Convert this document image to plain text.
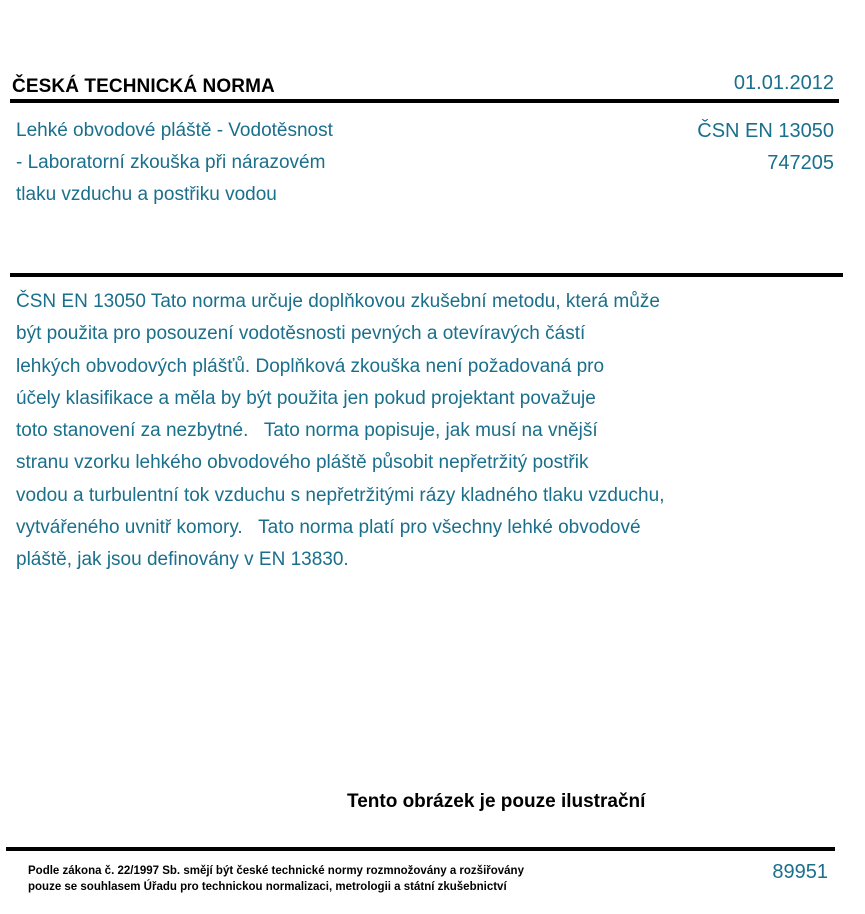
ČESKÁ TECHNICKÁ NORMA	01.01.2012
Lehké obvodové pláště - Vodotěsnost
- Laboratorní zkouška při nárazovém
tlaku vzduchu a postřiku vodou
ČSN EN 13050
747205
ČSN EN 13050 Tato norma určuje doplňkovou zkušební metodu, která může
být použita pro posouzení vodotěsnosti pevných a otevíravých částí
lehkých obvodových plášťů. Doplňková zkouška není požadovaná pro
účely klasifikace a měla by být použita jen pokud projektant považuje
toto stanovení za nezbytné.   Tato norma popisuje, jak musí na vnější
stranu vzorku lehkého obvodového pláště působit nepřetržitý postřik
vodou a turbulentní tok vzduchu s nepřetržitými rázy kladného tlaku vzduchu,
vytvářeného uvnitř komory.   Tato norma platí pro všechny lehké obvodové
pláště, jak jsou definovány v EN 13830.
Tento obrázek je pouze ilustrační
Podle zákona č. 22/1997 Sb. smějí být české technické normy rozmnožovány a rozšiřovány
pouze se souhlasem Úřadu pro technickou normalizaci, metrologii a státní zkušebnictví
89951
